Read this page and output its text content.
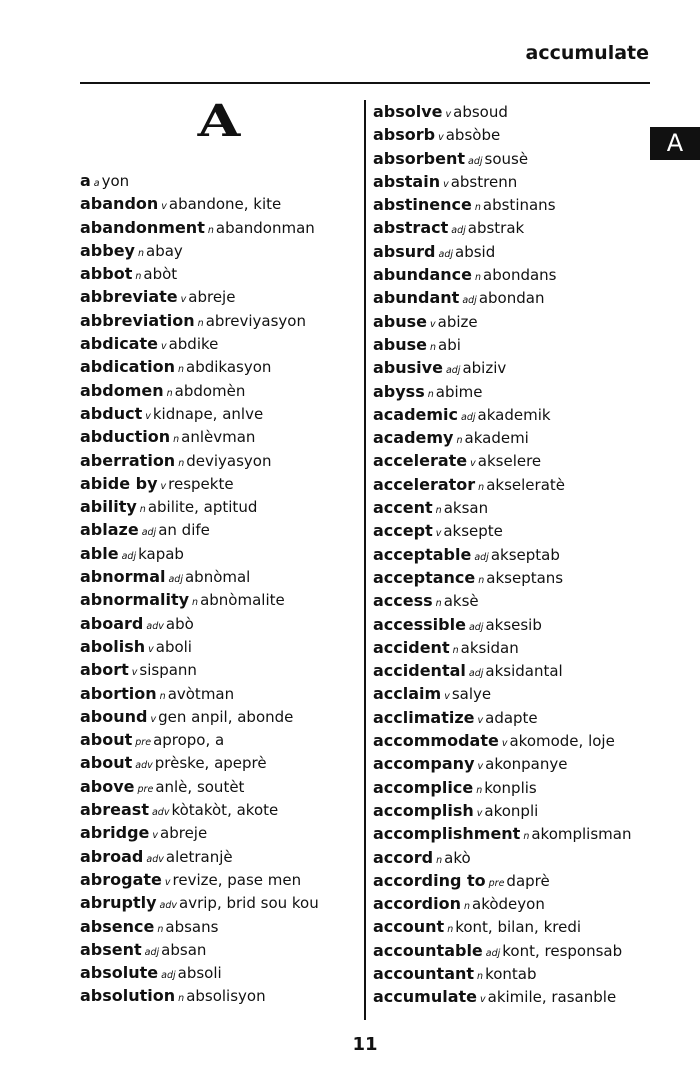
accumulate
A
A
aa yon
abandon v abandone, kite
abandonment n abandonman
abbey n abay
abbot n abòt
abbreviate v abreje
abbreviation n abreviyasyon
abdicate v abdike
abdication n abdikasyon
abdomen n abdomèn
abduct v kidnape, anlve
abduction n anlèvman
aberration n deviyasyon
abide by v respekte
ability n abilite, aptitud
ablaze adj an dife
able adj kapab
abnormal adj abnòmal
abnormality n abnòmalite
aboard adv abò
abolish v aboli
abort v sispann
abortion n avòtman
abound v gen anpil, abonde
about pre apropo, a
about adv prèske, apeprè
above pre anlè, soutèt
abreast adv kòtakòt, akote
abridge v abreje
abroad adv aletranjè
abrogate v revize, pase men
abruptly adv avrip, brid sou kou
absence n absans
absent adj absan
absolute adj absoli
absolution n absolisyon
absolve v absoud
absorb v absòbe
absorbent adj sousè
abstain v abstrenn
abstinence n abstinans
abstract adj abstrak
absurd adj absid
abundance n abondans
abundant adj abondan
abuse v abize
abuse n abi
abusive adj abiziv
abyss n abime
academic adj akademik
academy n akademi
accelerate v akselere
accelerator n akseleratè
accent n aksan
accept v aksepte
acceptable adj akseptab
acceptance n akseptans
access n aksè
accessible adj aksesib
accident n aksidan
accidental adj aksidantal
acclaim v salye
acclimatize v adapte
accommodate v akomode, loje
accompany v akonpanye
accomplice n konplis
accomplish v akonpli
accomplishment n akomplisman
accord n akò
according to pre daprè
accordion n akòdeyon
account n kont, bilan, kredi
accountable adj kont, responsab
accountant n kontab
accumulate v akimile, rasanble
11
